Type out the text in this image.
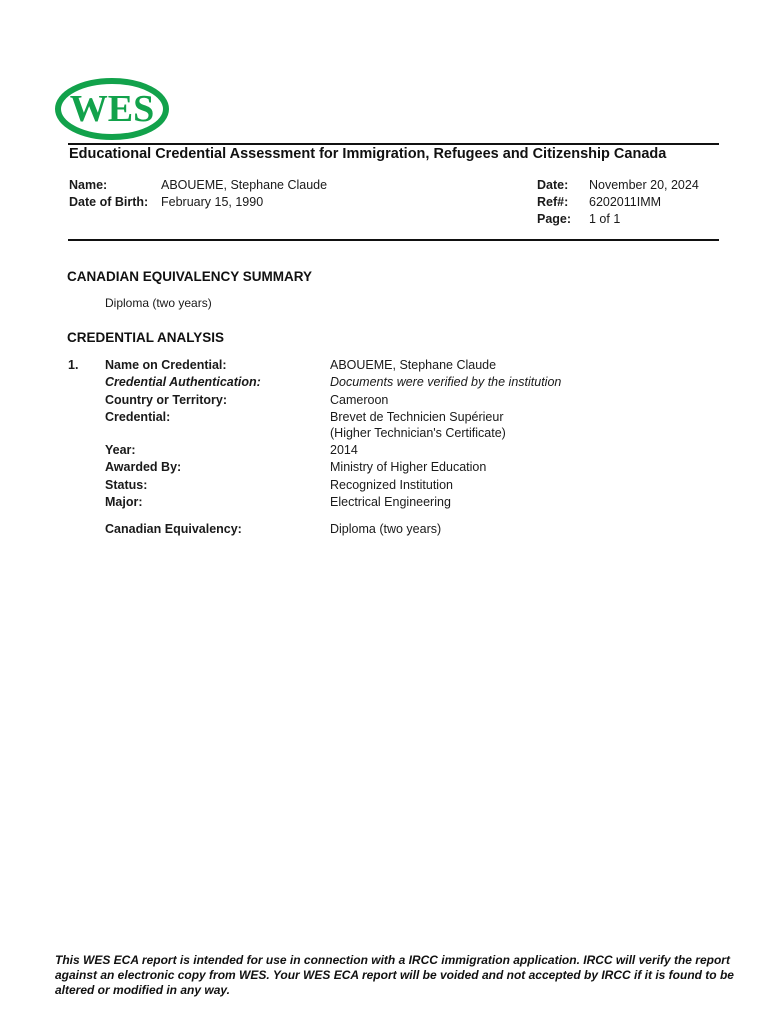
WES
Educational Credential Assessment for Immigration, Refugees and Citizenship Canada
Name:	ABOUEME, Stephane Claude
Date of Birth: February 15, 1990
Date: November 20, 2024
Ref#: 6202011IMM
Page: 1 of 1
CANADIAN EQUIVALENCY SUMMARY
Diploma (two years)
CREDENTIAL ANALYSIS
1. Name on Credential:	ABOUEME, Stephane Claude
Credential Authentication:	Documents were verified by the institution
Country or Territory:	Cameroon
Credential:	Brevet de Technicien Supérieur
(Higher Technician's Certificate)
Year:	2014
Awarded By:	Ministry of Higher Education
Status:	Recognized Institution
Major:	Electrical Engineering
Canadian Equivalency:	Diploma (two years)
This WES ECA report is intended for use in connection with a IRCC immigration application. IRCC will verify the report against an electronic copy from WES. Your WES ECA report will be voided and not accepted by IRCC if it is found to be altered or modified in any way.
